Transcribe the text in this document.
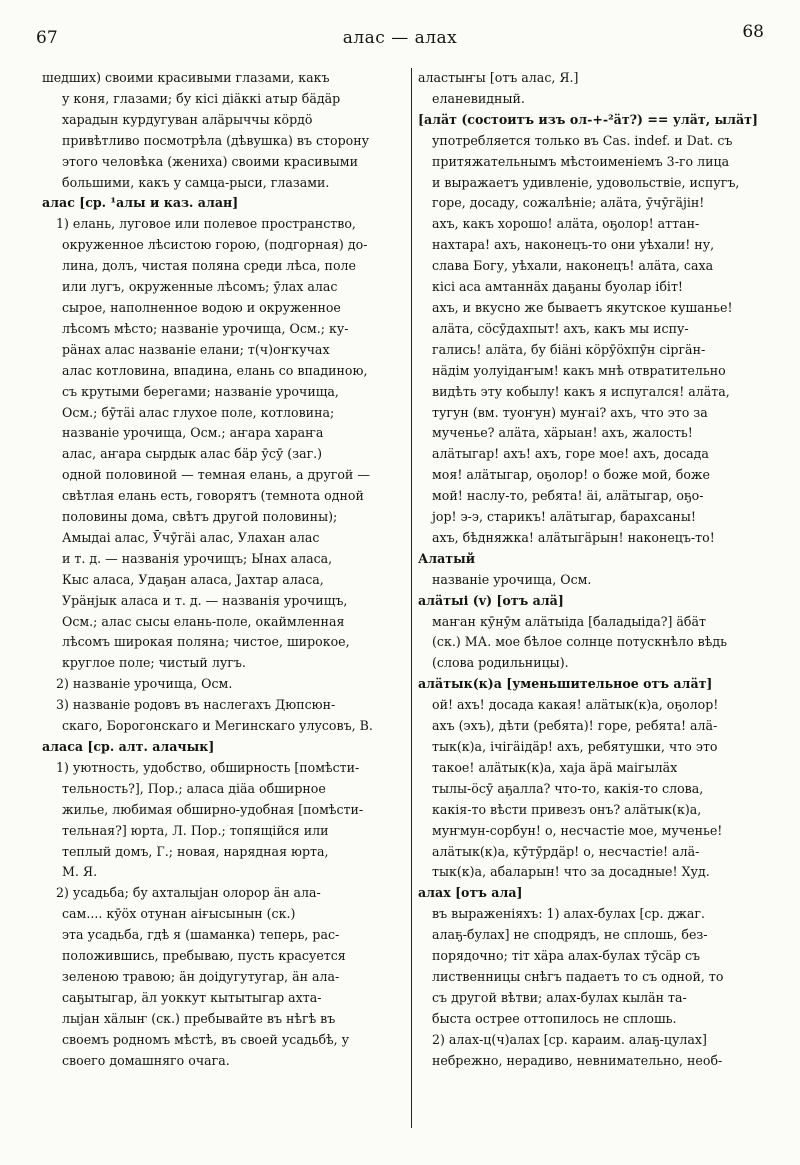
67	алас — алах	68
шедших) своими красивыми глазами, какъ
у коня, глазами; бу кісі діäккі атыр бäдäр
харадын курдугуван алäрыччы кöрдö
привѣтливо посмотрѣла (дѣвушка) въ сторону
этого человѣка (жениха) своими красивыми
большими, какъ у самца-рыси, глазами.
алас [ср. ¹алы и каз. алан]
1) елань, луговое или полевое пространство,
окруженное лѣсистою горою, (подгорная) до-
лина, долъ, чистая поляна среди лѣса, поле
или лугъ, окруженные лѣсомъ; ӯлах алас
сырое, наполненное водою и окруженное
лѣсомъ мѣсто; названіе урочища, Осм.; ку-
рäнах алас названіе елани; т(ч)оҥкучах
алас котловина, впадина, елань со впадиною,
съ крутыми берегами; названіе урочища,
Осм.; бӯтäі алас глухое поле, котловина;
названіе урочища, Осм.; аҥара хараҥа
алас, аҥара сырдык алас бäр ӯсӯ (заг.)
одной половиной — темная елань, а другой —
свѣтлая елань есть, говорятъ (темнота одной
половины дома, свѣтъ другой половины);
Амыдаі алас, Ӯчӯгäі алас, Улахан алас
и т. д. — названія урочищъ; Ынах аласа,
Кыс аласа, Удаҕан аласа, Јахтар аласа,
Урäнјык аласа и т. д. — названія урочищъ,
Осм.; алас сысы елань-поле, окаймленная
лѣсомъ широкая поляна; чистое, широкое,
круглое поле; чистый лугъ.
2) названіе урочища, Осм.
3) названіе родовъ въ наслегахъ Дюпсюн-
скаго, Борогонскаго и Мегинскаго улусовъ, В.
аласа [ср. алт. алачык]
1) уютность, удобство, обширность [помѣсти-
тельность?], Пор.; аласа діäа обширное
жилье, любимая обширно-удобная [помѣсти-
тельная?] юрта, Л. Пор.; топящійся или
теплый домъ, Г.; новая, нарядная юрта,
М. Я.
2) усадьба; бу ахталыјан олорор äн ала-
сам.... кӯöх отунан аіғысынын (ск.)
эта усадьба, гдѣ я (шаманка) теперь, рас-
положившись, пребываю, пусть красуется
зеленою травою; äн доідугутугар, äн ала-
саҕытыгар, äл уоккут кытытыгар ахта-
лыјан хäлыҥ (ск.) пребывайте въ нѣгѣ въ
своемъ родномъ мѣстѣ, въ своей усадьбѣ, у
своего домашняго очага.
аластыҥы [отъ алас, Я.]
еланевидный.
[алäт (состоитъ изъ ол-+-²äт?) == улäт, ылäт]
употребляется только въ Cas. indef. и Dat. съ
притяжательнымъ мѣстоименіемъ 3-го лица
и выражаетъ удивленіе, удовольствіе, испугъ,
горе, досаду, сожалѣніе; алäта, ӯчӯгäjін!
ахъ, какъ хорошо! алäта, оҕолор! аттан-
нахтара! ахъ, наконецъ-то они уѣхали! ну,
слава Богу, уѣхали, наконецъ! алäта, саха
кісі аса амтаннäх даҕаны буолар ібіт!
ахъ, и вкусно же бываетъ якутское кушанье!
алäта, сӧсӯдахпыт! ахъ, какъ мы испу-
гались! алäта, бу біäні кӧрӯӧхпӯн сіргäн-
нäдім уолуідаҥым! какъ мнѣ отвратительно
видѣть эту кобылу! какъ я испугался! алäта,
тугун (вм. туоҥун) муҥаі? ахъ, что это за
мученье? алäта, хäрыан! ахъ, жалость!
алäтыгар! ахъ! ахъ, горе мое! ахъ, досада
моя! алäтыгар, оҕолор! о боже мой, боже
мой! наслу-то, ребята! äі, алäтыгар, оҕо-
јор! э-э, старикъ! алäтыгар, барахсаны!
ахъ, бѣдняжка! алäтыгäрын! наконецъ-то!
Алатый
названіе урочища, Осм.
алäтыі (v) [отъ алä]
маҥан кӯнӯм алäтыіда [баладыіда?] äбäт
(ск.) МА. мое бѣлое солнце потускнѣло вѣдь
(слова родильницы).
алäтык(к)а [уменьшительное отъ алäт]
ой! ахъ! досада какая! алäтык(к)а, оҕолор!
ахъ (эхъ), дѣти (ребята)! горе, ребята! алä-
тык(к)а, ічігäідäр! ахъ, ребятушки, что это
такое! алäтык(к)а, хаја äрä маігылäх
тылы-ӧсӯ аҕалла? что-то, какія-то слова,
какія-то вѣсти привезъ онъ? алäтык(к)а,
муҥмун-сорбун! о, несчастіе мое, мученье!
алäтык(к)а, кӯтӯрдäр! о, несчастіе! алä-
тык(к)а, абаларын! что за досадные! Худ.
алах [отъ ала]
въ выраженіяхъ: 1) алах-булах [ср. джаг.
алаҕ-булах] не сподрядъ, не сплошь, без-
порядочно; тіт хäра алах-булах тӯсäр съ
лиственницы снѣгъ падаетъ то съ одной, то
съ другой вѣтви; алах-булах кылäн та-
быста острее оттопилось не сплошь.
2) алах-ц(ч)алах [ср. караим. алаҕ-цулах]
небрежно, нерадиво, невнимательно, необ-
